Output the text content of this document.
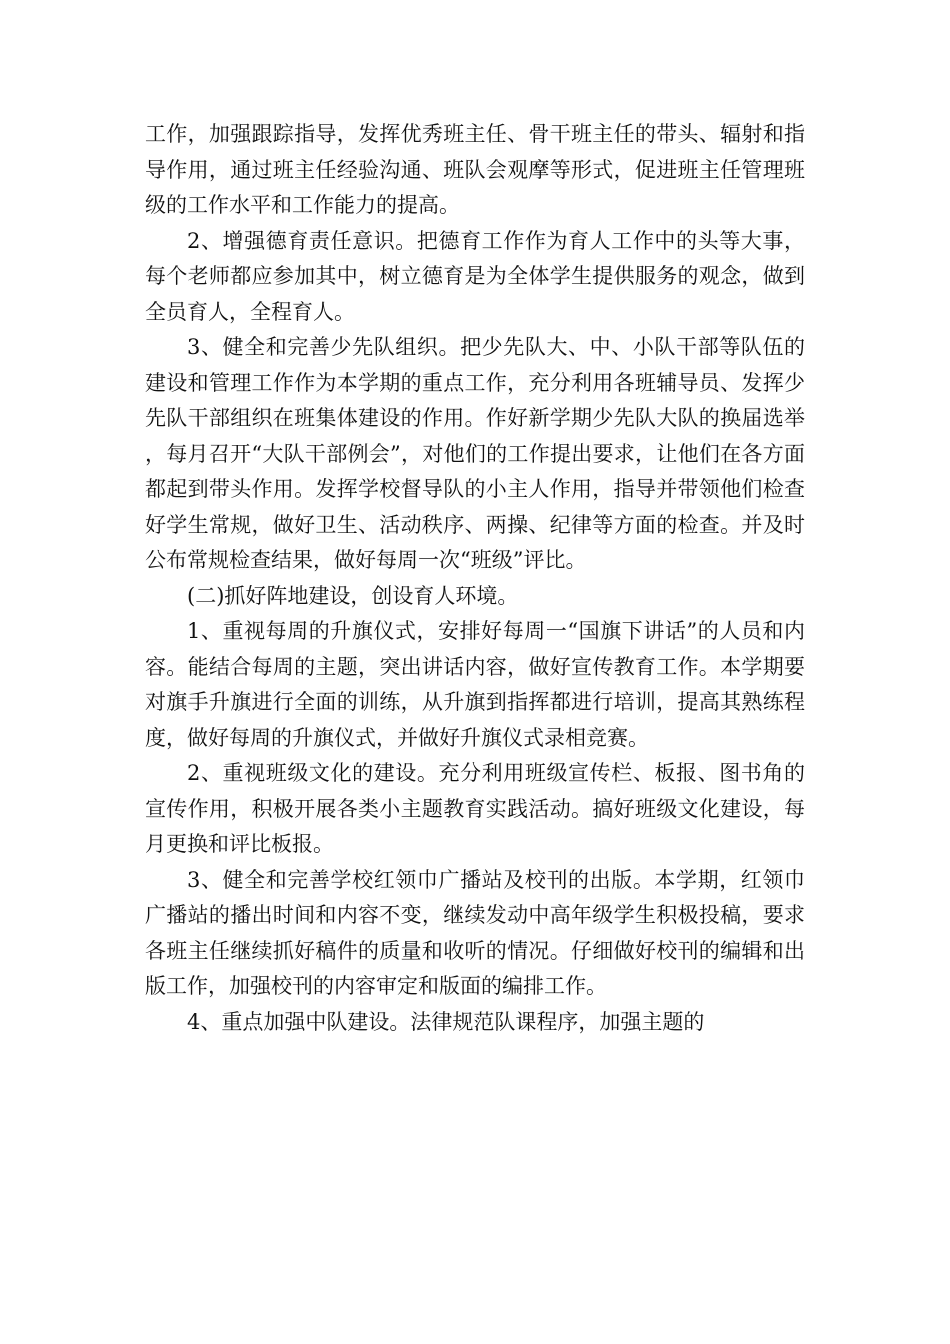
工作，加强跟踪指导，发挥优秀班主任、骨干班主任的带头、辐射和指导作用，通过班主任经验沟通、班队会观摩等形式，促进班主任管理班级的工作水平和工作能力的提高。

2、增强德育责任意识。把德育工作作为育人工作中的头等大事，每个老师都应参加其中，树立德育是为全体学生提供服务的观念，做到全员育人，全程育人。

3、健全和完善少先队组织。把少先队大、中、小队干部等队伍的建设和管理工作作为本学期的重点工作，充分利用各班辅导员、发挥少先队干部组织在班集体建设的作用。作好新学期少先队大队的换届选举，每月召开“大队干部例会”，对他们的工作提出要求，让他们在各方面都起到带头作用。发挥学校督导队的小主人作用，指导并带领他们检查好学生常规，做好卫生、活动秩序、两操、纪律等方面的检查。并及时公布常规检查结果，做好每周一次“班级”评比。

(二)抓好阵地建设，创设育人环境。

1、重视每周的升旗仪式，安排好每周一“国旗下讲话”的人员和内容。能结合每周的主题，突出讲话内容，做好宣传教育工作。本学期要对旗手升旗进行全面的训练，从升旗到指挥都进行培训，提高其熟练程度，做好每周的升旗仪式，并做好升旗仪式录相竞赛。

2、重视班级文化的建设。充分利用班级宣传栏、板报、图书角的宣传作用，积极开展各类小主题教育实践活动。搞好班级文化建设，每月更换和评比板报。

3、健全和完善学校红领巾广播站及校刊的出版。本学期，红领巾广播站的播出时间和内容不变，继续发动中高年级学生积极投稿，要求各班主任继续抓好稿件的质量和收听的情况。仔细做好校刊的编辑和出版工作，加强校刊的内容审定和版面的编排工作。

4、重点加强中队建设。法律规范队课程序，加强主题的
